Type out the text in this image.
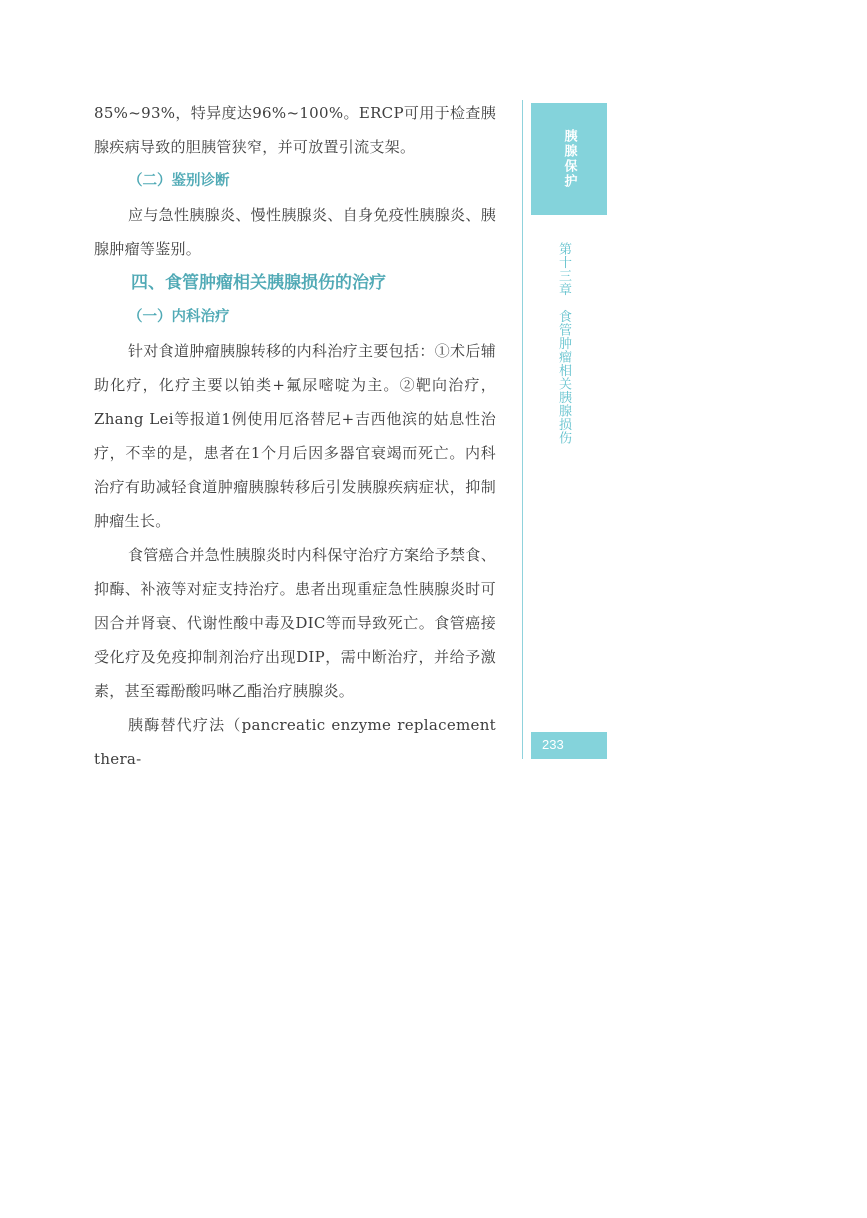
85%~93%，特异度达96%~100%。ERCP可用于检查胰腺疾病导致的胆胰管狭窄，并可放置引流支架。

（二）鉴别诊断

应与急性胰腺炎、慢性胰腺炎、自身免疫性胰腺炎、胰腺肿瘤等鉴别。

四、食管肿瘤相关胰腺损伤的治疗

（一）内科治疗

针对食道肿瘤胰腺转移的内科治疗主要包括：①术后辅助化疗，化疗主要以铂类+氟尿嘧啶为主。②靶向治疗，Zhang Lei等报道1例使用厄洛替尼+吉西他滨的姑息性治疗，不幸的是，患者在1个月后因多器官衰竭而死亡。内科治疗有助减轻食道肿瘤胰腺转移后引发胰腺疾病症状，抑制肿瘤生长。

食管癌合并急性胰腺炎时内科保守治疗方案给予禁食、抑酶、补液等对症支持治疗。患者出现重症急性胰腺炎时可因合并肾衰、代谢性酸中毒及DIC等而导致死亡。食管癌接受化疗及免疫抑制剂治疗出现DIP，需中断治疗，并给予激素，甚至霉酚酸吗啉乙酯治疗胰腺炎。

胰酶替代疗法（pancreatic enzyme replacement thera-

胰腺保护
第十三章　食管肿瘤相关胰腺损伤
233
